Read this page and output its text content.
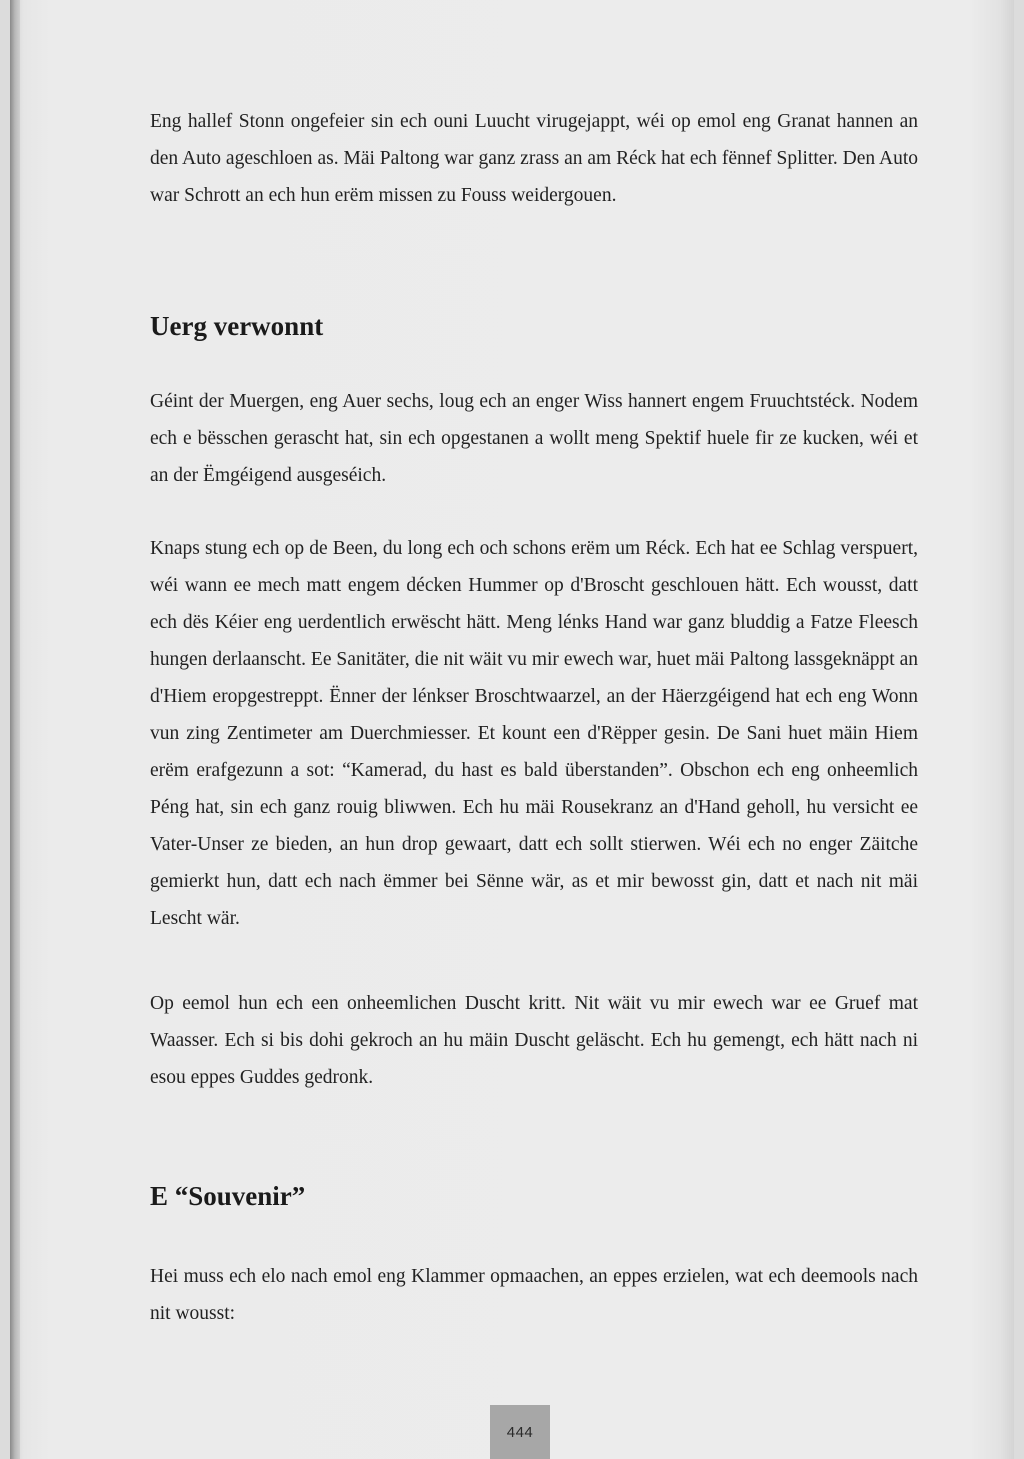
Eng hallef Stonn ongefeier sin ech ouni Luucht virugejappt, wéi op emol eng Granat hannen an den Auto ageschloen as. Mäi Paltong war ganz zrass an am Réck hat ech fënnef Splitter. Den Auto war Schrott an ech hun erëm missen zu Fouss weidergouen.

Uerg verwonnt

Géint der Muergen, eng Auer sechs, loug ech an enger Wiss hannert engem Fruuchtstéck. Nodem ech e bësschen gerascht hat, sin ech opgestanen a wollt meng Spektif huele fir ze kucken, wéi et an der Ëmgéigend ausgeséich.

Knaps stung ech op de Been, du long ech och schons erëm um Réck. Ech hat ee Schlag verspuert, wéi wann ee mech matt engem décken Hummer op d'Broscht geschlouen hätt. Ech wousst, datt ech dës Kéier eng uerdentlich erwëscht hätt. Meng lénks Hand war ganz bluddig a Fatze Fleesch hungen derlaanscht. Ee Sanitäter, die nit wäit vu mir ewech war, huet mäi Paltong lassgeknäppt an d'Hiem eropgestreppt. Ënner der lénkser Broschtwaarzel, an der Häerzgéigend hat ech eng Wonn vun zing Zentimeter am Duerchmiesser. Et kount een d'Rëpper gesin. De Sani huet mäin Hiem erëm erafgezunn a sot: “Kamerad, du hast es bald überstanden”. Obschon ech eng onheemlich Péng hat, sin ech ganz rouig bliwwen. Ech hu mäi Rousekranz an d'Hand geholl, hu versicht ee Vater-Unser ze bieden, an hun drop gewaart, datt ech sollt stierwen. Wéi ech no enger Zäitche gemierkt hun, datt ech nach ëmmer bei Sënne wär, as et mir bewosst gin, datt et nach nit mäi Lescht wär.

Op eemol hun ech een onheemlichen Duscht kritt. Nit wäit vu mir ewech war ee Gruef mat Waasser. Ech si bis dohi gekroch an hu mäin Duscht geläscht. Ech hu gemengt, ech hätt nach ni esou eppes Guddes gedronk.

E “Souvenir”

Hei muss ech elo nach emol eng Klammer opmaachen, an eppes erzielen, wat ech deemools nach nit wousst:

444
